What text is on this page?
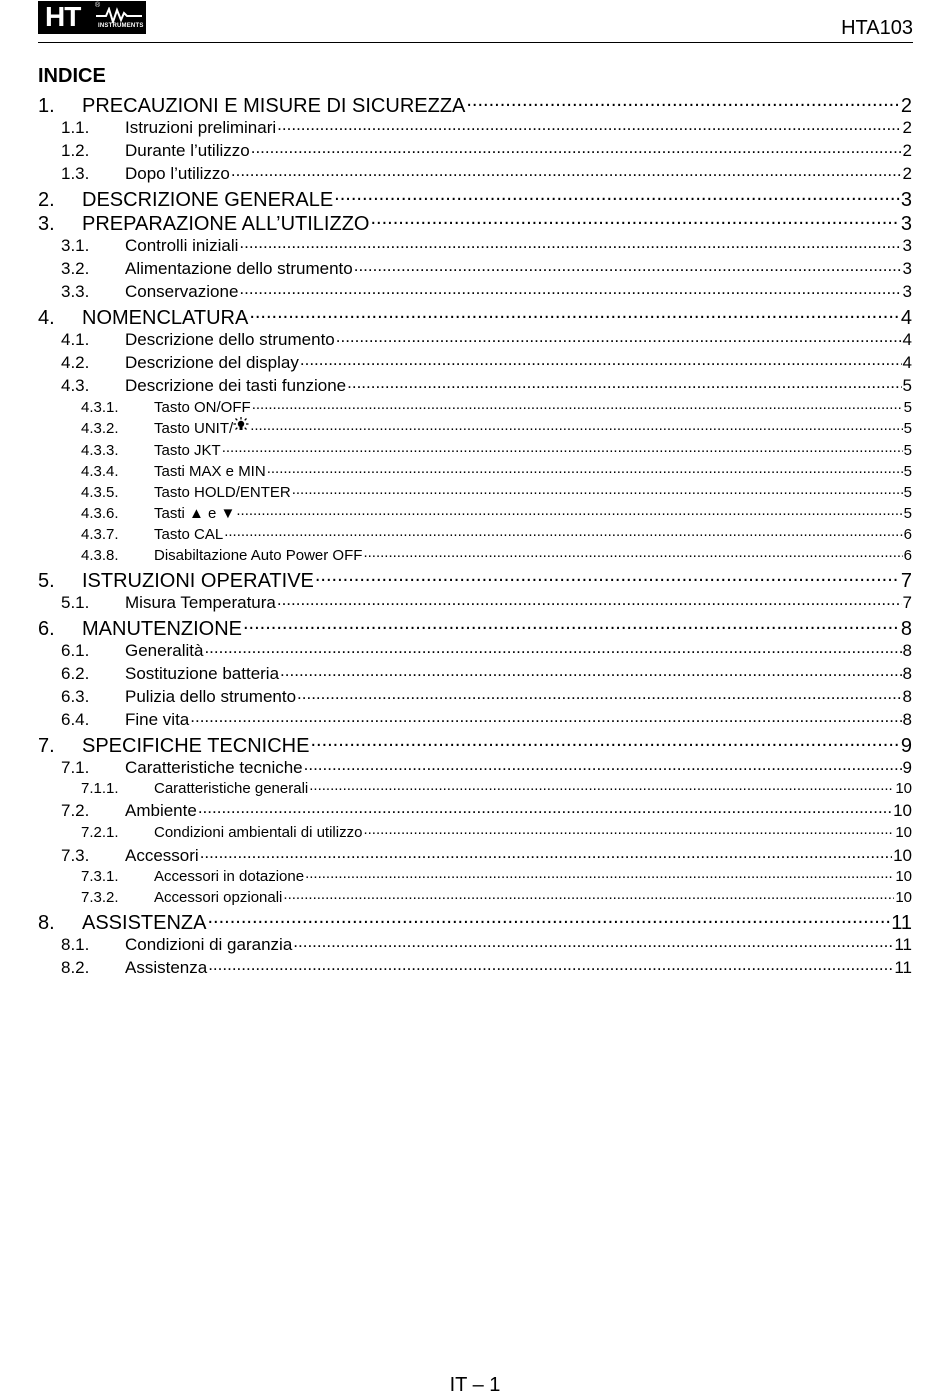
HT ®
INSTRUMENTS	HTA103
INDICE
1.	PRECAUZIONI E MISURE DI SICUREZZA .....	2
1.1.	Istruzioni preliminari .....	2
1.2.	Durante l’utilizzo .....	2
1.3.	Dopo l’utilizzo .....	2
2.	DESCRIZIONE GENERALE .....	3
3.	PREPARAZIONE ALL’UTILIZZO .....	3
3.1.	Controlli iniziali .....	3
3.2.	Alimentazione dello strumento .....	3
3.3.	Conservazione .....	3
4.	NOMENCLATURA .....	4
4.1.	Descrizione dello strumento .....	4
4.2.	Descrizione del display .....	4
4.3.	Descrizione dei tasti funzione .....	5
4.3.1.	Tasto ON/OFF .....	5
4.3.2.	Tasto UNIT/ .....	5
4.3.3.	Tasto JKT .....	5
4.3.4.	Tasti MAX e MIN .....	5
4.3.5.	Tasto HOLD/ENTER .....	5
4.3.6.	Tasti ▲ e ▼ .....	5
4.3.7.	Tasto CAL .....	6
4.3.8.	Disabiltazione Auto Power OFF .....	6
5.	ISTRUZIONI OPERATIVE .....	7
5.1.	Misura Temperatura .....	7
6.	MANUTENZIONE .....	8
6.1.	Generalità .....	8
6.2.	Sostituzione batteria .....	8
6.3.	Pulizia dello strumento .....	8
6.4.	Fine vita .....	8
7.	SPECIFICHE TECNICHE .....	9
7.1.	Caratteristiche tecniche .....	9
7.1.1.	Caratteristiche generali .....	10
7.2.	Ambiente .....	10
7.2.1.	Condizioni ambientali di utilizzo .....	10
7.3.	Accessori .....	10
7.3.1.	Accessori in dotazione .....	10
7.3.2.	Accessori opzionali .....	10
8.	ASSISTENZA .....	11
8.1.	Condizioni di garanzia .....	11
8.2.	Assistenza .....	11
IT – 1
